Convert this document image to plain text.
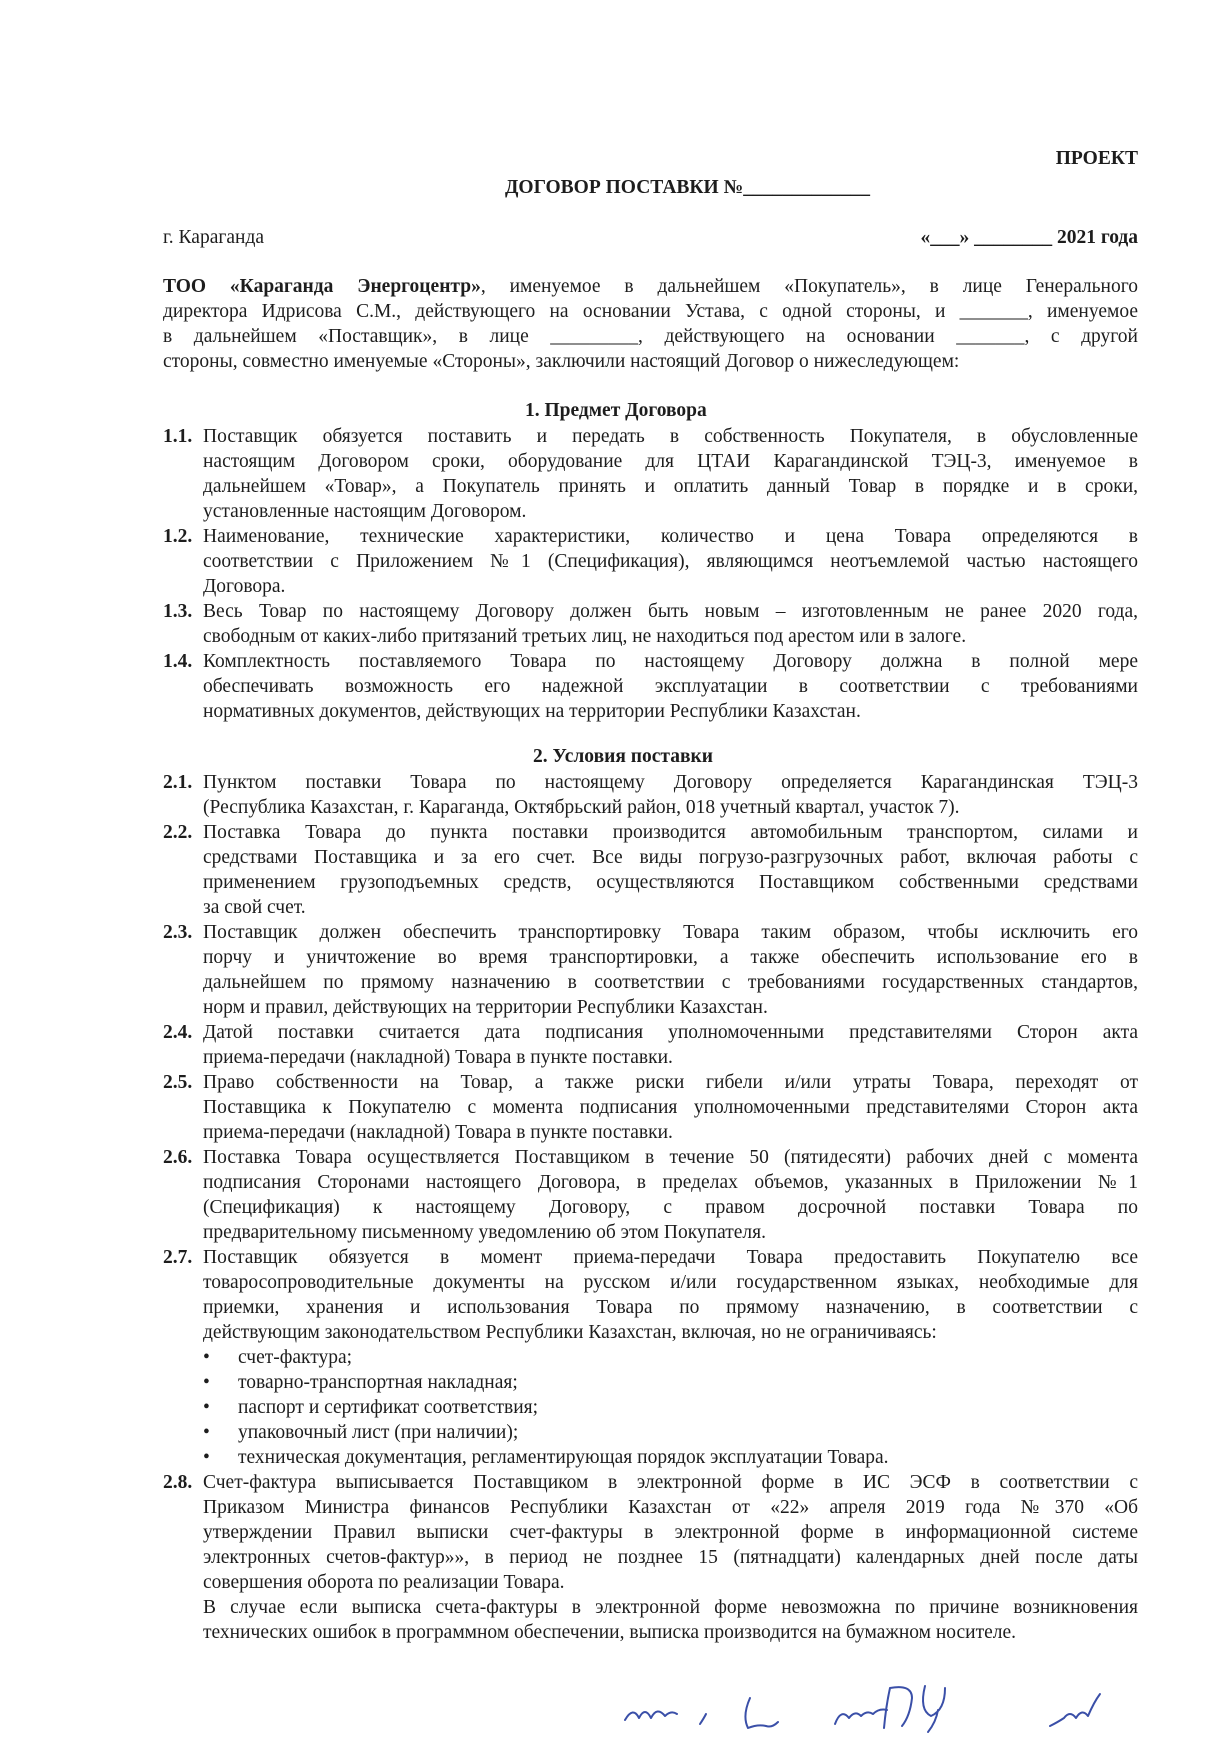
ПРОЕКТ
ДОГОВОР ПОСТАВКИ №_____________
г. Караганда	«___» ________ 2021 года
ТОО «Караганда Энергоцентр», именуемое в дальнейшем «Покупатель», в лице Генерального
директора Идрисова С.М., действующего на основании Устава, с одной стороны, и _______, именуемое
в дальнейшем «Поставщик», в лице _________, действующего на основании _______, с другой
стороны, совместно именуемые «Стороны», заключили настоящий Договор о нижеследующем:
1. Предмет Договора
1.1. Поставщик обязуется поставить и передать в собственность Покупателя, в обусловленные
настоящим Договором сроки, оборудование для ЦТАИ Карагандинской ТЭЦ-3, именуемое в
дальнейшем «Товар», а Покупатель принять и оплатить данный Товар в порядке и в сроки,
установленные настоящим Договором.
1.2. Наименование, технические характеристики, количество и цена Товара определяются в
соответствии с Приложением №1 (Спецификация), являющимся неотъемлемой частью настоящего
Договора.
1.3. Весь Товар по настоящему Договору должен быть новым – изготовленным не ранее 2020 года,
свободным от каких-либо притязаний третьих лиц, не находиться под арестом или в залоге.
1.4. Комплектность поставляемого Товара по настоящему Договору должна в полной мере
обеспечивать возможность его надежной эксплуатации в соответствии с требованиями
нормативных документов, действующих на территории Республики Казахстан.
2. Условия поставки
2.1. Пунктом поставки Товара по настоящему Договору определяется Карагандинская ТЭЦ-3
(Республика Казахстан, г. Караганда, Октябрьский район, 018 учетный квартал, участок 7).
2.2. Поставка Товара до пункта поставки производится автомобильным транспортом, силами и
средствами Поставщика и за его счет. Все виды погрузо-разгрузочных работ, включая работы с
применением грузоподъемных средств, осуществляются Поставщиком собственными средствами
за свой счет.
2.3. Поставщик должен обеспечить транспортировку Товара таким образом, чтобы исключить его
порчу и уничтожение во время транспортировки, а также обеспечить использование его в
дальнейшем по прямому назначению в соответствии с требованиями государственных стандартов,
норм и правил, действующих на территории Республики Казахстан.
2.4. Датой поставки считается дата подписания уполномоченными представителями Сторон акта
приема-передачи (накладной) Товара в пункте поставки.
2.5. Право собственности на Товар, а также риски гибели и/или утраты Товара, переходят от
Поставщика к Покупателю с момента подписания уполномоченными представителями Сторон акта
приема-передачи (накладной) Товара в пункте поставки.
2.6. Поставка Товара осуществляется Поставщиком в течение 50 (пятидесяти) рабочих дней с момента
подписания Сторонами настоящего Договора, в пределах объемов, указанных в Приложении №1
(Спецификация) к настоящему Договору, с правом досрочной поставки Товара по
предварительному письменному уведомлению об этом Покупателя.
2.7. Поставщик обязуется в момент приема-передачи Товара предоставить Покупателю все
товаросопроводительные документы на русском и/или государственном языках, необходимые для
приемки, хранения и использования Товара по прямому назначению, в соответствии с
действующим законодательством Республики Казахстан, включая, но не ограничиваясь:
• счет-фактура;
• товарно-транспортная накладная;
• паспорт и сертификат соответствия;
• упаковочный лист (при наличии);
• техническая документация, регламентирующая порядок эксплуатации Товара.
2.8. Счет-фактура выписывается Поставщиком в электронной форме в ИС ЭСФ в соответствии с
Приказом Министра финансов Республики Казахстан от «22» апреля 2019 года №370 «Об
утверждении Правил выписки счет-фактуры в электронной форме в информационной системе
электронных счетов-фактур»», в период не позднее 15 (пятнадцати) календарных дней после даты
совершения оборота по реализации Товара.
В случае если выписка счета-фактуры в электронной форме невозможна по причине возникновения
технических ошибок в программном обеспечении, выписка производится на бумажном носителе.
